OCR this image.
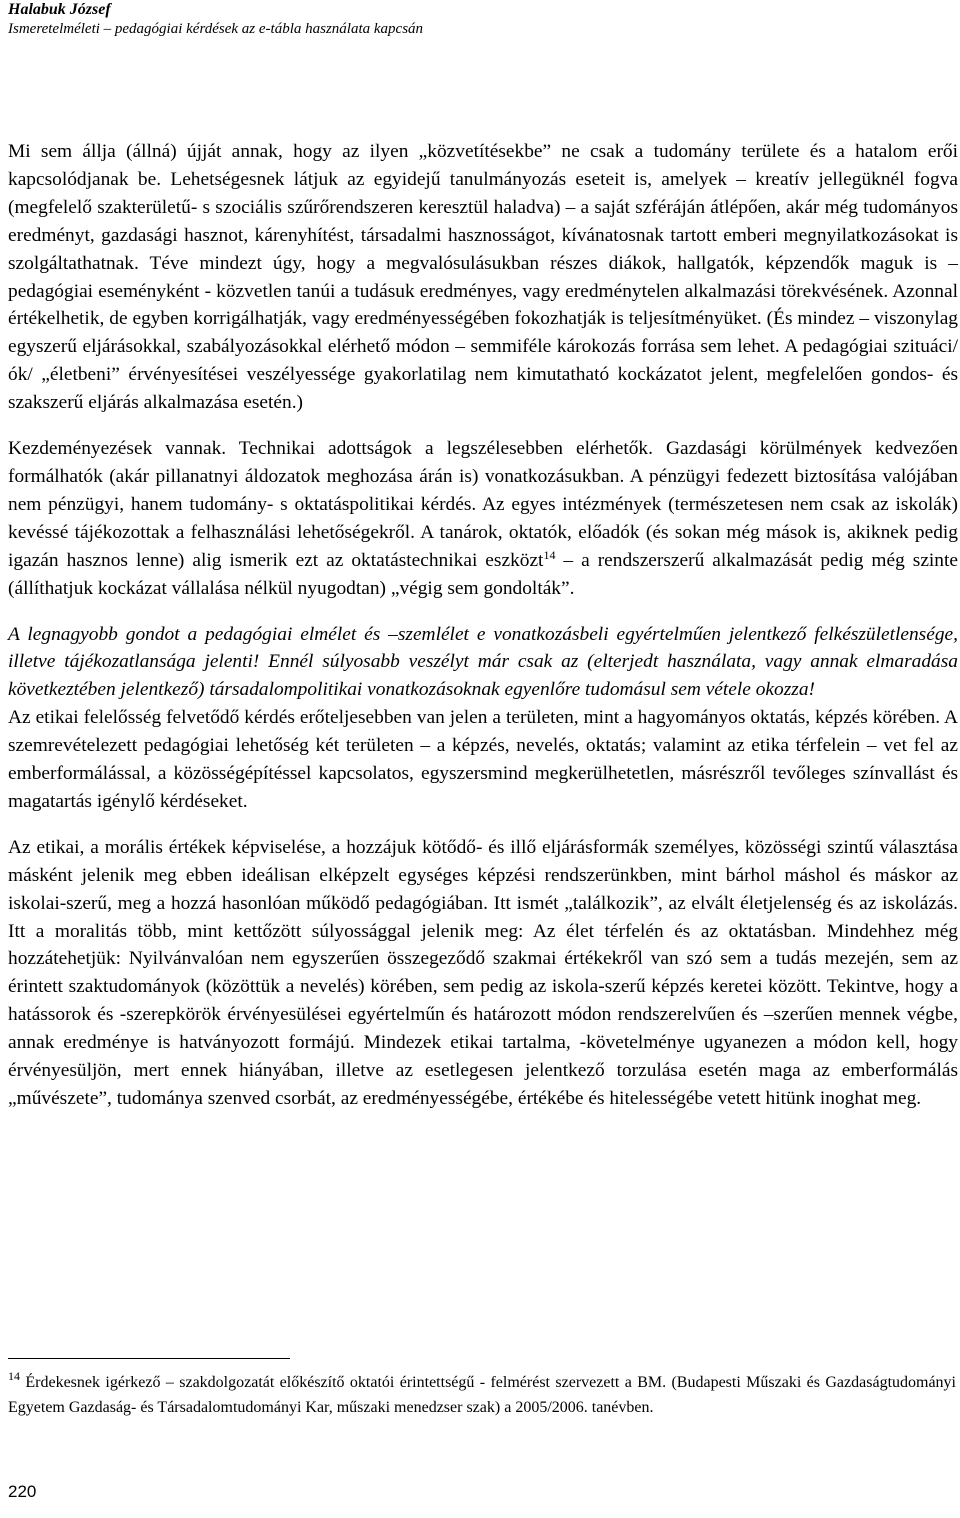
Halabuk József
Ismeretelméleti – pedagógiai kérdések az e-tábla használata kapcsán

Mi sem állja (állná) újját annak, hogy az ilyen „közvetítésekbe” ne csak a tudomány területe és a hatalom erői kapcsolódjanak be. Lehetségesnek látjuk az egyidejű tanulmányozás eseteit is, amelyek – kreatív jellegüknél fogva (megfelelő szakterületű- s szociális szűrőrendszeren keresztül haladva) – a saját szféráján átlépően, akár még tudományos eredményt, gazdasági hasznot, kárenyhítést, társadalmi hasznosságot, kívánatosnak tartott emberi megnyilatkozásokat is szolgáltathatnak. Téve mindezt úgy, hogy a megvalósulásukban részes diákok, hallgatók, képzendők maguk is – pedagógiai eseményként - közvetlen tanúi a tudásuk eredményes, vagy eredménytelen alkalmazási törekvésének. Azonnal értékelhetik, de egyben korrigálhatják, vagy eredményességében fokozhatják is teljesítményüket. (És mindez – viszonylag egyszerű eljárásokkal, szabályozásokkal elérhető módon – semmiféle károkozás forrása sem lehet. A pedagógiai szituáci/ók/ „életbeni” érvényesítései veszélyessége gyakorlatilag nem kimutatható kockázatot jelent, megfelelően gondos- és szakszerű eljárás alkalmazása esetén.)

Kezdeményezések vannak. Technikai adottságok a legszélesebben elérhetők. Gazdasági körülmények kedvezően formálhatók (akár pillanatnyi áldozatok meghozása árán is) vonatkozásukban. A pénzügyi fedezett biztosítása valójában nem pénzügyi, hanem tudomány- s oktatáspolitikai kérdés. Az egyes intézmények (természetesen nem csak az iskolák) kevéssé tájékozottak a felhasználási lehetőségekről. A tanárok, oktatók, előadók (és sokan még mások is, akiknek pedig igazán hasznos lenne) alig ismerik ezt az oktatástechnikai eszközt$^{14}$ – a rendszerszerű alkalmazását pedig még szinte (állíthatjuk kockázat vállalása nélkül nyugodtan) „végig sem gondolták”.

A legnagyobb gondot a pedagógiai elmélet és –szemlélet e vonatkozásbeli egyértelműen jelentkező felkészületlensége, illetve tájékozatlansága jelenti! Ennél súlyosabb veszélyt már csak az (elterjedt használata, vagy annak elmaradása következtében jelentkező) társadalompolitikai vonatkozásoknak egyenlőre tudomásul sem vétele okozza!

Az etikai felelősség felvetődő kérdés erőteljesebben van jelen a területen, mint a hagyományos oktatás, képzés körében. A szemrevételezett pedagógiai lehetőség két területen – a képzés, nevelés, oktatás; valamint az etika térfelein – vet fel az emberformálással, a közösségépítéssel kapcsolatos, egyszersmind megkerülhetetlen, másrészről tevőleges színvallást és magatartás igénylő kérdéseket.

Az etikai, a morális értékek képviselése, a hozzájuk kötődő- és illő eljárásformák személyes, közösségi szintű választása másként jelenik meg ebben ideálisan elképzelt egységes képzési rendszerünkben, mint bárhol máshol és máskor az iskolai-szerű, meg a hozzá hasonlóan működő pedagógiában. Itt ismét „találkozik”, az elvált életjelenség és az iskolázás. Itt a moralitás több, mint kettőzött súlyossággal jelenik meg: Az élet térfelén és az oktatásban. Mindehhez még hozzátehetjük: Nyilvánvalóan nem egyszerűen összegeződő szakmai értékekről van szó sem a tudás mezején, sem az érintett szaktudományok (közöttük a nevelés) körében, sem pedig az iskola-szerű képzés keretei között. Tekintve, hogy a hatássorok és -szerepkörök érvényesülései egyértelműn és határozott módon rendszerelvűen és –szerűen mennek végbe, annak eredménye is hatványozott formájú. Mindezek etikai tartalma, -követelménye ugyanezen a módon kell, hogy érvényesüljön, mert ennek hiányában, illetve az esetlegesen jelentkező torzulása esetén maga az emberformálás „művészete”, tudománya szenved csorbát, az eredményességébe, értékébe és hitelességébe vetett hitünk inoghat meg.

$^{14}$ Érdekesnek igérkező – szakdolgozatát előkészítő oktatói érintettségű - felmérést szervezett a BM. (Budapesti Műszaki és Gazdaságtudományi Egyetem Gazdaság- és Társadalomtudományi Kar, műszaki menedzser szak) a 2005/2006. tanévben.

220
